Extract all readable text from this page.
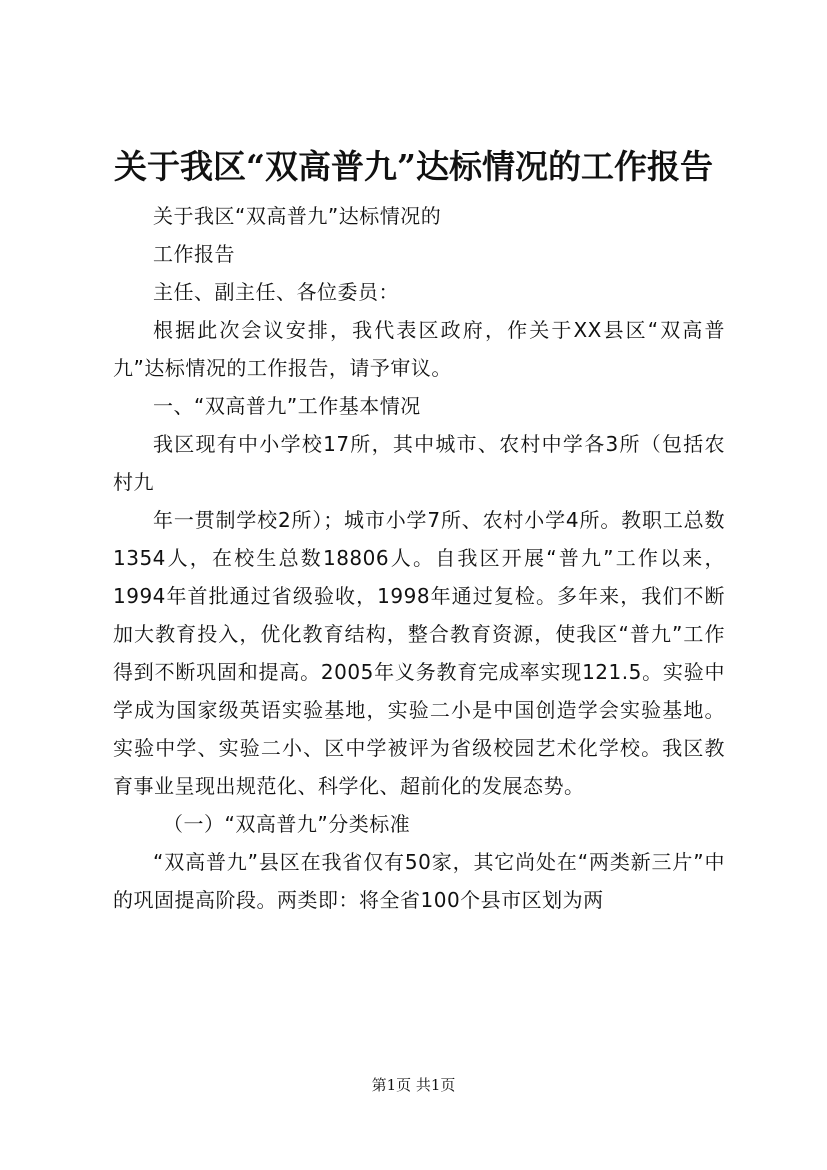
关于我区“双高普九”达标情况的工作报告

关于我区“双高普九”达标情况的

工作报告

主任、副主任、各位委员：

根据此次会议安排，我代表区政府，作关于XX县区“双高普九”达标情况的工作报告，请予审议。

一、“双高普九”工作基本情况

我区现有中小学校17所，其中城市、农村中学各3所（包括农村九

年一贯制学校2所）；城市小学7所、农村小学4所。教职工总数1354人，在校生总数18806人。自我区开展“普九”工作以来，1994年首批通过省级验收，1998年通过复检。多年来，我们不断加大教育投入，优化教育结构，整合教育资源，使我区“普九”工作得到不断巩固和提高。2005年义务教育完成率实现121.5。实验中学成为国家级英语实验基地，实验二小是中国创造学会实验基地。实验中学、实验二小、区中学被评为省级校园艺术化学校。我区教育事业呈现出规范化、科学化、超前化的发展态势。

（一）“双高普九”分类标准

“双高普九”县区在我省仅有50家，其它尚处在“两类新三片”中的巩固提高阶段。两类即：将全省100个县市区划为两

第1页 共1页
